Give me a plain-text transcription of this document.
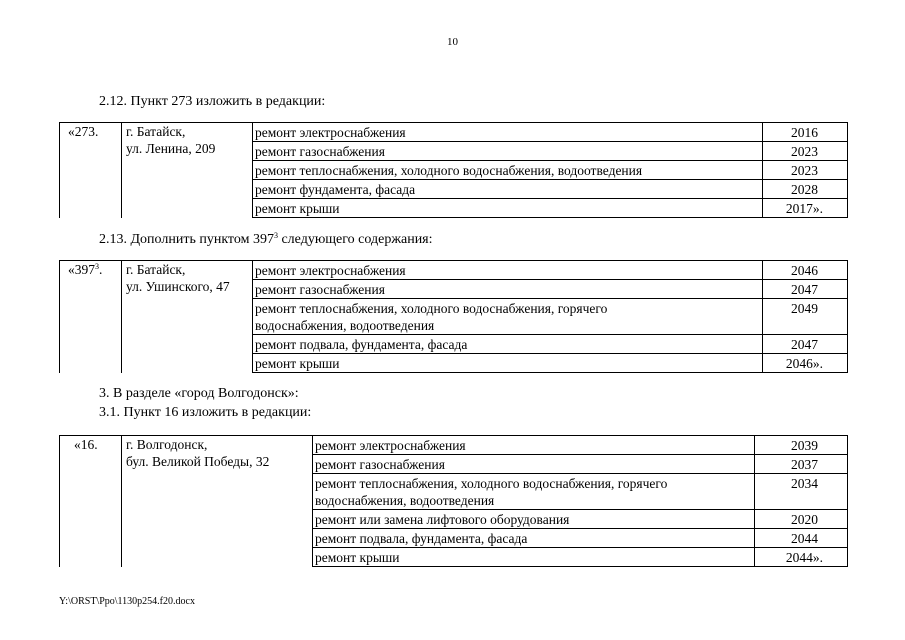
10
2.12. Пункт 273 изложить в редакции:
«273.	г. Батайск,
ул. Ленина, 209	ремонт электроснабжения	2016
		ремонт газоснабжения	2023
		ремонт теплоснабжения, холодного водоснабжения, водоотведения	2023
		ремонт фундамента, фасада	2028
		ремонт крыши	2017».
2.13. Дополнить пунктом $397^3$ следующего содержания:
«$397^3$.	г. Батайск,
ул. Ушинского, 47	ремонт электроснабжения	2046
		ремонт газоснабжения	2047
		ремонт теплоснабжения, холодного водоснабжения, горячего
водоснабжения, водоотведения	2049
		ремонт подвала, фундамента, фасада	2047
		ремонт крыши	2046».
3. В разделе «город Волгодонск»:
3.1. Пункт 16 изложить в редакции:
«16.	г. Волгодонск,
бул. Великой Победы, 32	ремонт электроснабжения	2039
		ремонт газоснабжения	2037
		ремонт теплоснабжения, холодного водоснабжения, горячего
водоснабжения, водоотведения	2034
		ремонт или замена лифтового оборудования	2020
		ремонт подвала, фундамента, фасада	2044
		ремонт крыши	2044».
Y:\ORST\Ppo\1130p254.f20.docx
